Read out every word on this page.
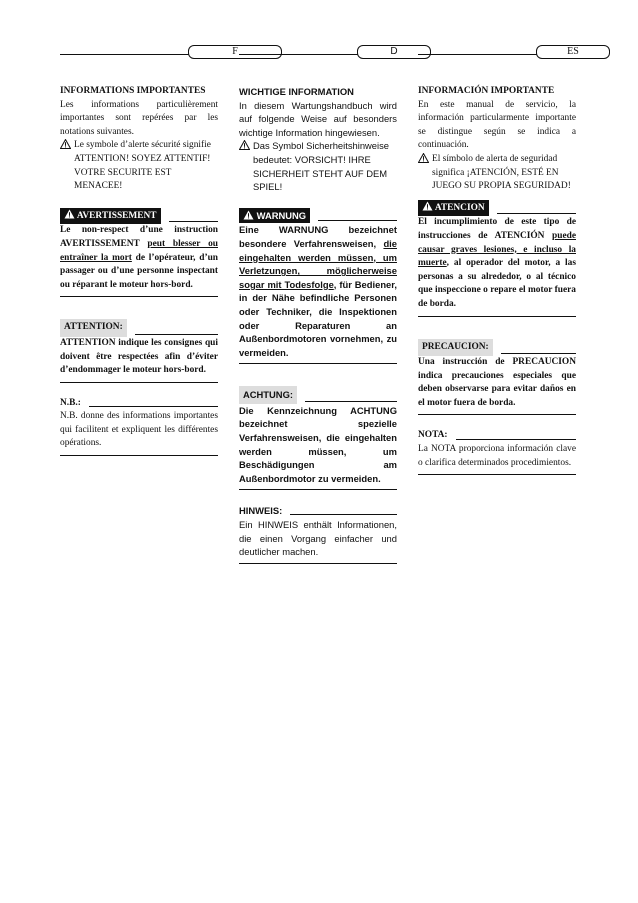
F
INFORMATIONS IMPORTANTES
Les informations particulièrement importantes sont repérées par les notations suivantes.
Le symbole d’alerte sécurité signifie ATTENTION! SOYEZ ATTENTIF! VOTRE SECURITE EST MENACEE!
AVERTISSEMENT
Le non-respect d’une instruction AVERTISSEMENT peut blesser ou entraîner la mort de l’opérateur, d’un passager ou d’une personne inspectant ou réparant le moteur hors-bord.
ATTENTION:
ATTENTION indique les consignes qui doivent être respectées afin d’éviter d’endommager le moteur hors-bord.
N.B.:
N.B. donne des informations importantes qui facilitent et expliquent les différentes opérations.
D
WICHTIGE INFORMATION
In diesem Wartungshandbuch wird auf folgende Weise auf besonders wichtige Information hingewiesen.
Das Symbol Sicherheitshinweise bedeutet: VORSICHT! IHRE SICHERHEIT STEHT AUF DEM SPIEL!
WARNUNG
Eine WARNUNG bezeichnet besondere Verfahrensweisen, die eingehalten werden müssen, um Verletzungen, möglicherweise sogar mit Todesfolge, für Bediener, in der Nähe befindliche Personen oder Techniker, die Inspektionen oder Reparaturen an Außenbordmotoren vornehmen, zu vermeiden.
ACHTUNG:
Die Kennzeichnung ACHTUNG bezeichnet spezielle Verfahrensweisen, die eingehalten werden müssen, um Beschädigungen am Außenbordmotor zu vermeiden.
HINWEIS:
Ein HINWEIS enthält Informationen, die einen Vorgang einfacher und deutlicher machen.
ES
INFORMACIÓN IMPORTANTE
En este manual de servicio, la información particularmente importante se distingue según se indica a continuación.
El símbolo de alerta de seguridad significa ¡ATENCIÓN, ESTÉ EN JUEGO SU PROPIA SEGURIDAD!
ATENCION
El incumplimiento de este tipo de instrucciones de ATENCIÓN puede causar graves lesiones, e incluso la muerte, al operador del motor, a las personas a su alrededor, o al técnico que inspeccione o repare el motor fuera de borda.
PRECAUCION:
Una instrucción de PRECAUCION indica precauciones especiales que deben observarse para evitar daños en el motor fuera de borda.
NOTA:
La NOTA proporciona información clave o clarifica determinados procedimientos.
